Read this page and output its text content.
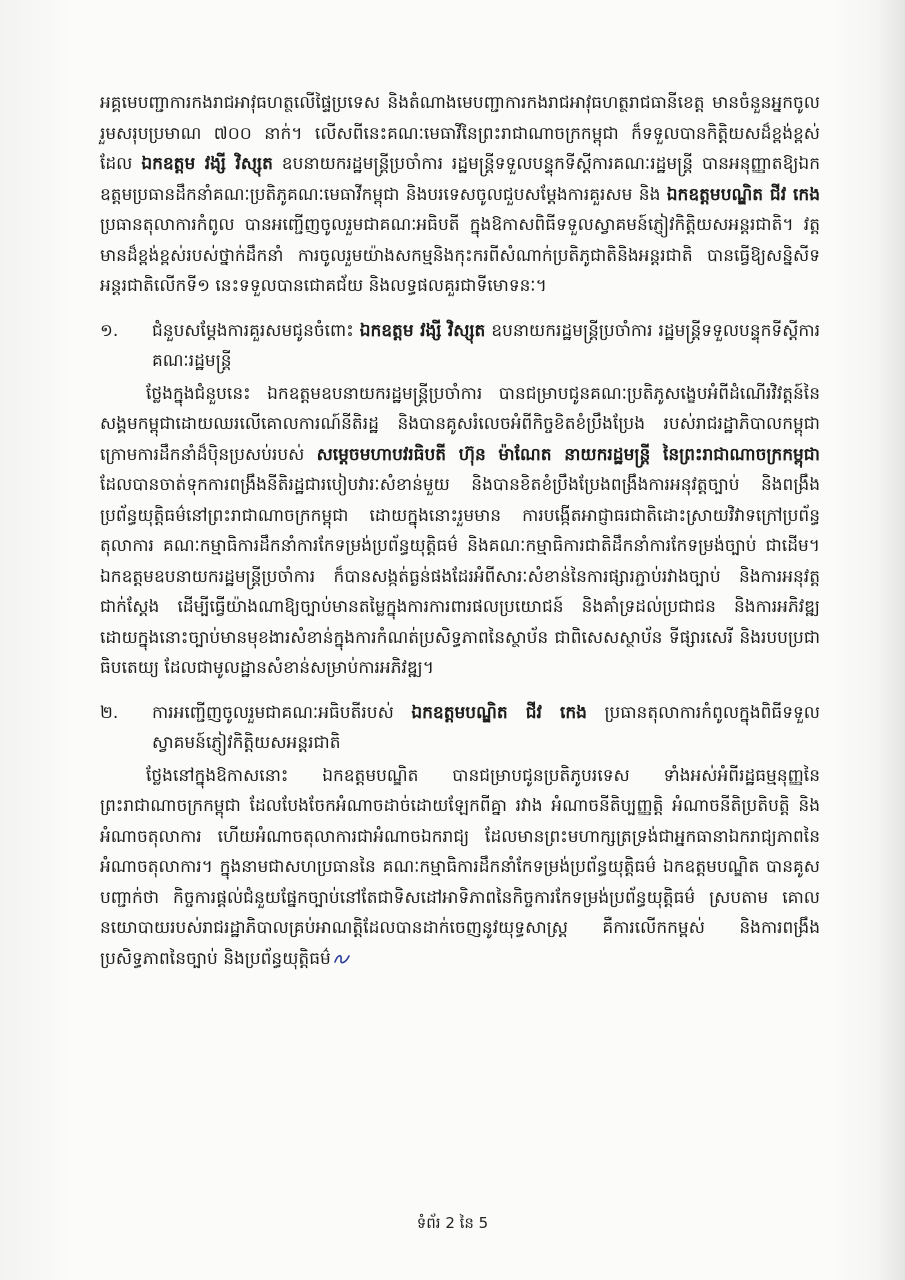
អគ្គមេបញ្ជាការកងរាជអាវុធហត្ថលើផ្ទៃប្រទេស និងតំណាងមេបញ្ជាការកងរាជអាវុធហត្ថរាជធានីខេត្ត មានចំនួនអ្នកចូលរួមសរុបប្រមាណ ៧០០ នាក់។ លើសពីនេះគណៈមេធាវីនៃព្រះរាជាណាចក្រកម្ពុជា ក៏ទទួលបានកិត្តិយសដ៏ខ្ពង់ខ្ពស់ដែល ឯកឧត្តម វង្សី វិស្សុត ឧបនាយករដ្ឋមន្ត្រីប្រចាំការ រដ្ឋមន្ត្រីទទួលបន្ទុកទីស្តីការគណៈរដ្ឋមន្ត្រី បានអនុញ្ញាតឱ្យឯកឧត្តមប្រធានដឹកនាំគណៈប្រតិភូគណៈមេធាវីកម្ពុជា និងបរទេសចូលជួបសម្តែងការគួរសម និង ឯកឧត្តមបណ្ឌិត ជីវ កេង ប្រធានតុលាការកំពូល បានអញ្ជើញចូលរួមជាគណៈអធិបតី ក្នុងឱកាសពិធីទទួលស្វាគមន៍ភ្ញៀវកិត្តិយសអន្តរជាតិ។ វត្តមានដ៏ខ្ពង់ខ្ពស់របស់ថ្នាក់ដឹកនាំ ការចូលរួមយ៉ាងសកម្មនិងកុះករពីសំណាក់ប្រតិភូជាតិនិងអន្តរជាតិ បានធ្វើឱ្យសន្និសីទអន្តរជាតិលើកទី១ នេះទទួលបានជោគជ័យ និងលទ្ធផលគួរជាទីមោទនៈ។

១.	ជំនួបសម្តែងការគួរសមជូនចំពោះ ឯកឧត្តម វង្សី វិស្សុត ឧបនាយករដ្ឋមន្ត្រីប្រចាំការ រដ្ឋមន្ត្រីទទួលបន្ទុកទីស្តីការគណៈរដ្ឋមន្ត្រី

ថ្លែងក្នុងជំនួបនេះ ឯកឧត្តមឧបនាយករដ្ឋមន្ត្រីប្រចាំការ បានជម្រាបជូនគណៈប្រតិភូសង្ខេបអំពីដំណើរវិវត្តន៍នៃសង្គមកម្ពុជាដោយឈរលើគោលការណ៍នីតិរដ្ឋ និងបានគូសរំលេចអំពីកិច្ចខិតខំប្រឹងប្រែង របស់រាជរដ្ឋាភិបាលកម្ពុជា ក្រោមការដឹកនាំដ៏ប៉ិនប្រសប់របស់ សម្តេចមហាបវរធិបតី ហ៊ុន ម៉ាណែត នាយករដ្ឋមន្ត្រី នៃព្រះរាជាណាចក្រកម្ពុជា ដែលបានចាត់ទុកការពង្រឹងនីតិរដ្ឋជារបៀបវារៈសំខាន់មួយ និងបានខិតខំប្រឹងប្រែងពង្រឹងការអនុវត្តច្បាប់ និងពង្រឹងប្រព័ន្ធយុត្តិធម៌នៅព្រះរាជាណាចក្រកម្ពុជា ដោយក្នុងនោះរួមមាន ការបង្កើតអាជ្ញាធរជាតិដោះស្រាយវិវាទក្រៅប្រព័ន្ធតុលាការ គណៈកម្មាធិការដឹកនាំការកែទម្រង់ប្រព័ន្ធយុត្តិធម៌ និងគណៈកម្មាធិការជាតិដឹកនាំការកែទម្រង់ច្បាប់ ជាដើម។ ឯកឧត្តមឧបនាយករដ្ឋមន្ត្រីប្រចាំការ ក៏បានសង្កត់ធ្ងន់ផងដែរអំពីសារៈសំខាន់នៃការផ្សារភ្ជាប់រវាងច្បាប់ និងការអនុវត្តជាក់ស្តែង ដើម្បីធ្វើយ៉ាងណាឱ្យច្បាប់មានតម្លៃក្នុងការការពារផលប្រយោជន៍ និងគាំទ្រដល់ប្រជាជន និងការអភិវឌ្ឍ ដោយក្នុងនោះច្បាប់មានមុខងារសំខាន់ក្នុងការកំណត់ប្រសិទ្ធភាពនៃស្ថាប័ន ជាពិសេសស្ថាប័ន ទីផ្សារសេរី និងរបបប្រជាធិបតេយ្យ ដែលជាមូលដ្ឋានសំខាន់សម្រាប់ការអភិវឌ្ឍ។

២.	ការអញ្ជើញចូលរួមជាគណៈអធិបតីរបស់ ឯកឧត្តមបណ្ឌិត ជីវ កេង ប្រធានតុលាការកំពូលក្នុងពិធីទទួលស្វាគមន៍ភ្ញៀវកិត្តិយសអន្តរជាតិ

ថ្លែងនៅក្នុងឱកាសនោះ ឯកឧត្តមបណ្ឌិត បានជម្រាបជូនប្រតិភូបរទេស ទាំងអស់អំពីរដ្ឋធម្មនុញ្ញនៃព្រះរាជាណាចក្រកម្ពុជា ដែលបែងចែកអំណាចដាច់ដោយឡែកពីគ្នា រវាង អំណាចនីតិប្បញ្ញត្តិ អំណាចនីតិប្រតិបត្តិ និងអំណាចតុលាការ ហើយអំណាចតុលាការជាអំណាចឯករាជ្យ ដែលមានព្រះមហាក្សត្រទ្រង់ជាអ្នកធានាឯករាជ្យភាពនៃអំណាចតុលាការ។ ក្នុងនាមជាសហប្រធាននៃ គណៈកម្មាធិការដឹកនាំកែទម្រង់ប្រព័ន្ធយុត្តិធម៌ ឯកឧត្តមបណ្ឌិត បានគូសបញ្ជាក់ថា កិច្ចការផ្តល់ជំនួយផ្នែកច្បាប់នៅតែជាទិសដៅអាទិភាពនៃកិច្ចការកែទម្រង់ប្រព័ន្ធយុត្តិធម៌ ស្របតាម គោលនយោបាយរបស់រាជរដ្ឋាភិបាលគ្រប់អាណត្តិដែលបានដាក់ចេញនូវយុទ្ធសាស្ត្រ គឺការលើកកម្ពស់ និងការពង្រឹងប្រសិទ្ធភាពនៃច្បាប់ និងប្រព័ន្ធយុត្តិធម៌

ទំព័រ 2 នៃ 5
